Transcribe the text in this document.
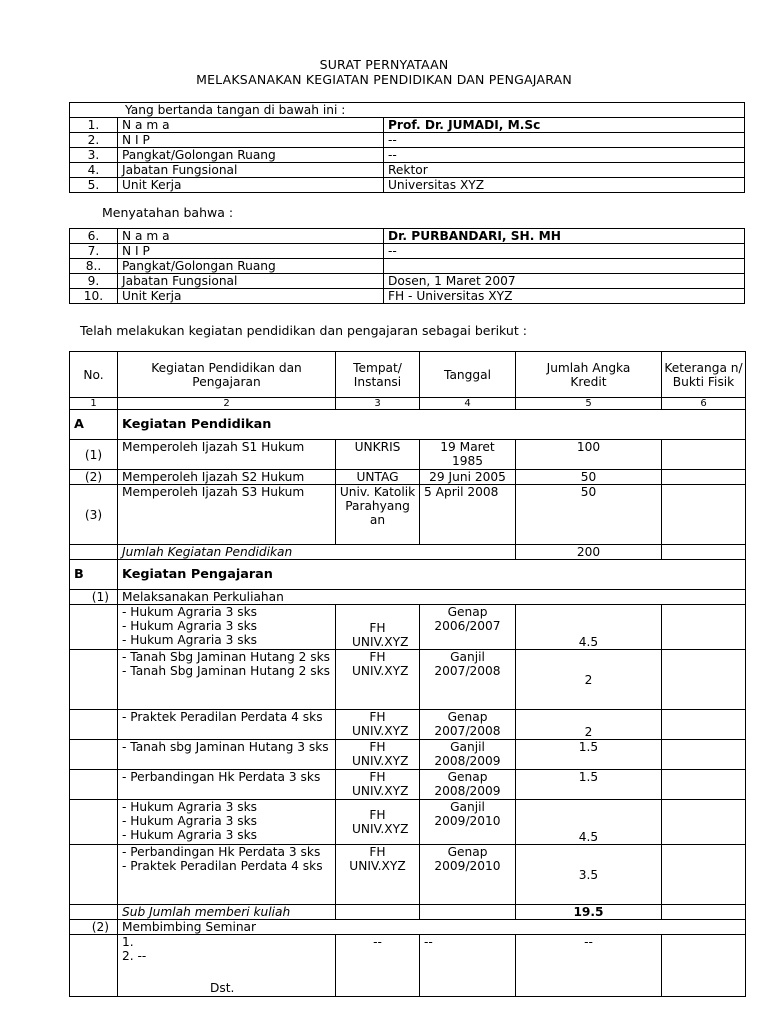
SURAT PERNYATAAN
MELAKSANAKAN KEGIATAN PENDIDIKAN DAN PENGAJARAN
Yang bertanda tangan di bawah ini :		
1.	N a m a	Prof. Dr. JUMADI, M.Sc
2.	N I P	--
3.	Pangkat/Golongan Ruang	--
4.	Jabatan Fungsional	Rektor
5.	Unit Kerja	Universitas XYZ
Menyatahan bahwa :
6.	N a m a	Dr. PURBANDARI, SH. MH
7.	N I P	--
8..	Pangkat/Golongan Ruang	
9.	Jabatan Fungsional	Dosen, 1 Maret 2007
10.	Unit Kerja	FH - Universitas XYZ
Telah melakukan kegiatan pendidikan dan pengajaran sebagai berikut :
No.	Kegiatan Pendidikan dan Pengajaran	Tempat/ Instansi	Tanggal	Jumlah Angka Kredit	Keteranga n/ Bukti Fisik
1	2	3	4	5	6
A	Kegiatan Pendidikan				
(1)	Memperoleh Ijazah S1 Hukum	UNKRIS	19 Maret 1985	100	
(2)	Memperoleh Ijazah S2 Hukum	UNTAG	29 Juni 2005	50	
(3)	Memperoleh Ijazah S3 Hukum	Univ. Katolik Parahyang an	5 April 2008	50	
	Jumlah Kegiatan Pendidikan			200	
B	Kegiatan Pengajaran				
(1)	Melaksanakan Perkuliahan				

	- Hukum Agraria 3 sks
- Hukum Agraria 3 sks
- Hukum Agraria 3 sks	FH UNIV.XYZ	Genap 2006/2007	4.5	

	- Tanah Sbg Jaminan Hutang 2 sks
- Tanah Sbg Jaminan Hutang 2 sks	FH UNIV.XYZ	Ganjil 2007/2008	2	

	- Praktek Peradilan Perdata 4 sks	FH UNIV.XYZ	Genap 2007/2008	2	

	- Tanah sbg Jaminan Hutang 3 sks	FH UNIV.XYZ	Ganjil 2008/2009	1.5	

	- Perbandingan Hk Perdata 3 sks	FH UNIV.XYZ	Genap 2008/2009	1.5	

	- Hukum Agraria 3 sks
- Hukum Agraria 3 sks
- Hukum Agraria 3 sks	FH UNIV.XYZ	Ganjil 2009/2010	4.5	

	- Perbandingan Hk Perdata 3 sks
- Praktek Peradilan Perdata 4 sks	FH UNIV.XYZ	Genap 2009/2010	3.5	
	Sub Jumlah memberi kuliah			19.5	
(2)	Membimbing Seminar				

	1.
2. --
Dst.	--	--	--	
